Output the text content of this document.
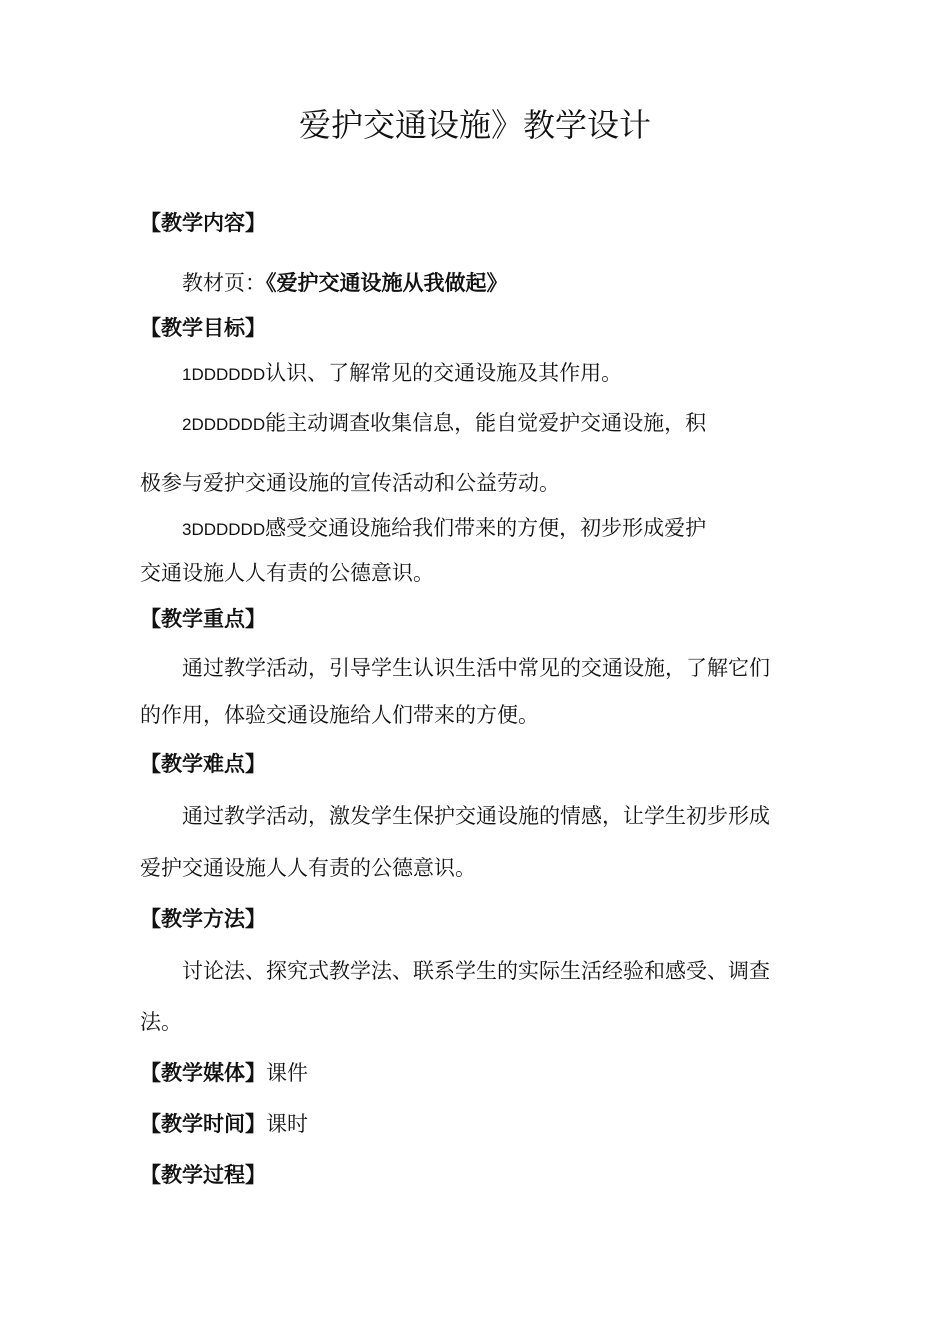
爱护交通设施》教学设计
【教学内容】
教材页：《爱护交通设施从我做起》
【教学目标】
1DDDDDD认识、了解常见的交通设施及其作用。
2DDDDDD能主动调查收集信息，能自觉爱护交通设施，积
极参与爱护交通设施的宣传活动和公益劳动。
3DDDDDD感受交通设施给我们带来的方便，初步形成爱护
交通设施人人有责的公德意识。
【教学重点】
通过教学活动，引导学生认识生活中常见的交通设施，了解它们
的作用，体验交通设施给人们带来的方便。
【教学难点】
通过教学活动，激发学生保护交通设施的情感，让学生初步形成
爱护交通设施人人有责的公德意识。
【教学方法】
讨论法、探究式教学法、联系学生的实际生活经验和感受、调查
法。
【教学媒体】课件
【教学时间】课时
【教学过程】
